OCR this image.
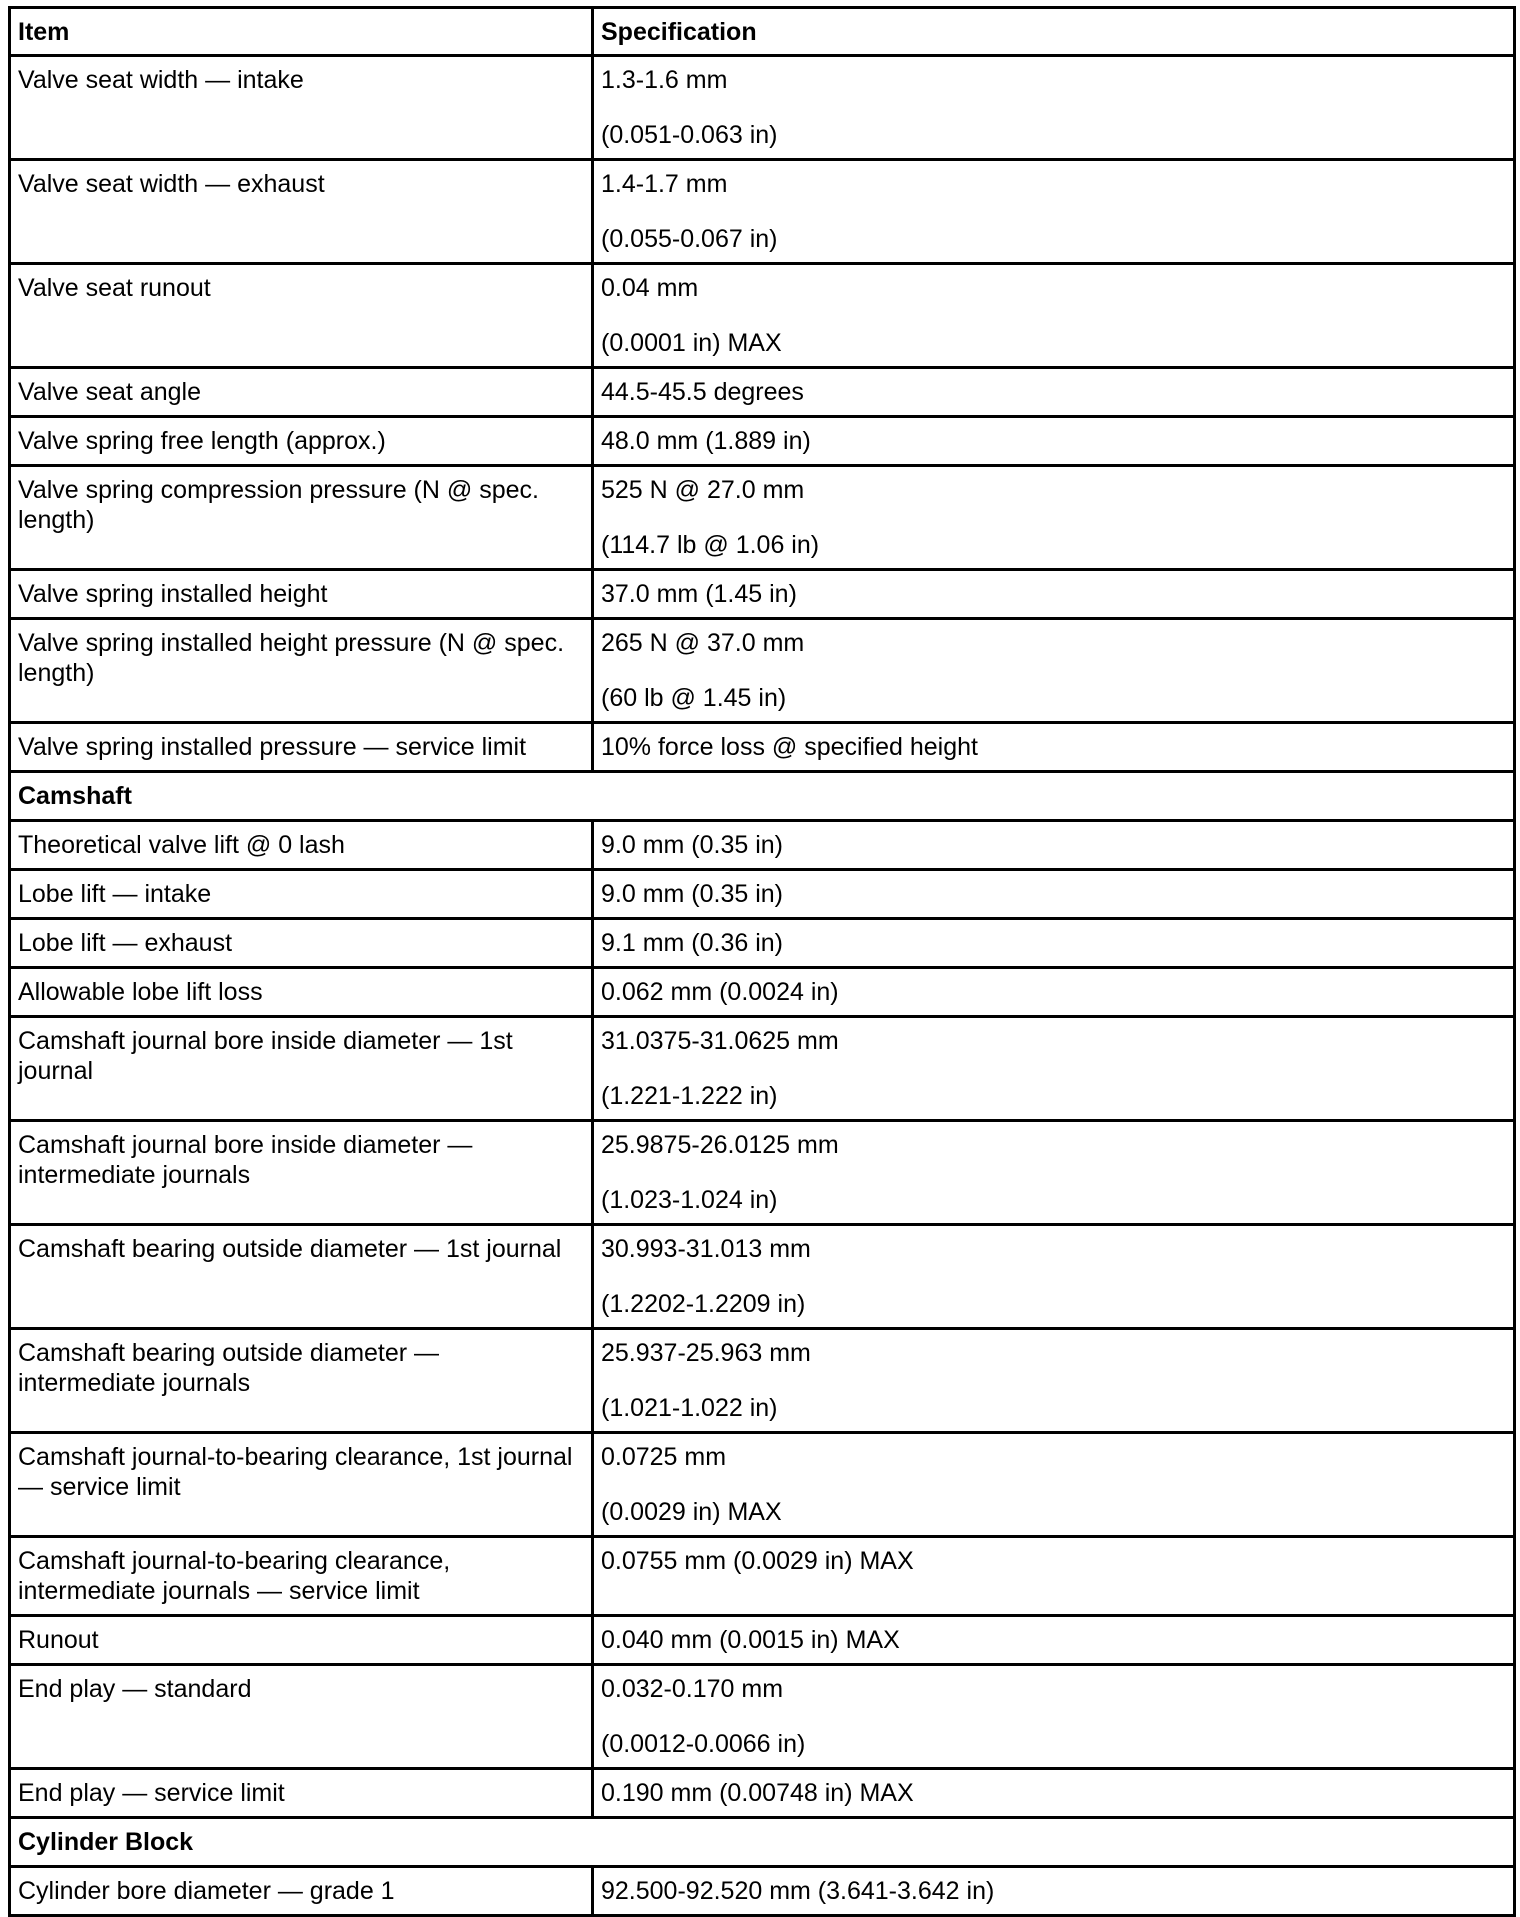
Item	Specification
Valve seat width — intake	1.3-1.6 mm
(0.051-0.063 in)

Valve seat width — exhaust	1.4-1.7 mm
(0.055-0.067 in)

Valve seat runout	0.04 mm
(0.0001 in) MAX

Valve seat angle	44.5-45.5 degrees

Valve spring free length (approx.)	48.0 mm (1.889 in)

Valve spring compression pressure (N @ spec. length)	525 N @ 27.0 mm
(114.7 lb @ 1.06 in)

Valve spring installed height	37.0 mm (1.45 in)

Valve spring installed height pressure (N @ spec. length)	265 N @ 37.0 mm
(60 lb @ 1.45 in)

Valve spring installed pressure — service limit	10% force loss @ specified height

Camshaft	
Theoretical valve lift @ 0 lash	9.0 mm (0.35 in)

Lobe lift — intake	9.0 mm (0.35 in)

Lobe lift — exhaust	9.1 mm (0.36 in)

Allowable lobe lift loss	0.062 mm (0.0024 in)

Camshaft journal bore inside diameter — 1st journal	31.0375-31.0625 mm
(1.221-1.222 in)

Camshaft journal bore inside diameter — intermediate journals	25.9875-26.0125 mm
(1.023-1.024 in)

Camshaft bearing outside diameter — 1st journal	30.993-31.013 mm
(1.2202-1.2209 in)

Camshaft bearing outside diameter — intermediate journals	25.937-25.963 mm
(1.021-1.022 in)

Camshaft journal-to-bearing clearance, 1st journal — service limit	0.0725 mm
(0.0029 in) MAX

Camshaft journal-to-bearing clearance, intermediate journals — service limit	0.0755 mm (0.0029 in) MAX

Runout	0.040 mm (0.0015 in) MAX

End play — standard	0.032-0.170 mm
(0.0012-0.0066 in)

End play — service limit	0.190 mm (0.00748 in) MAX

Cylinder Block	
Cylinder bore diameter — grade 1	92.500-92.520 mm (3.641-3.642 in)
